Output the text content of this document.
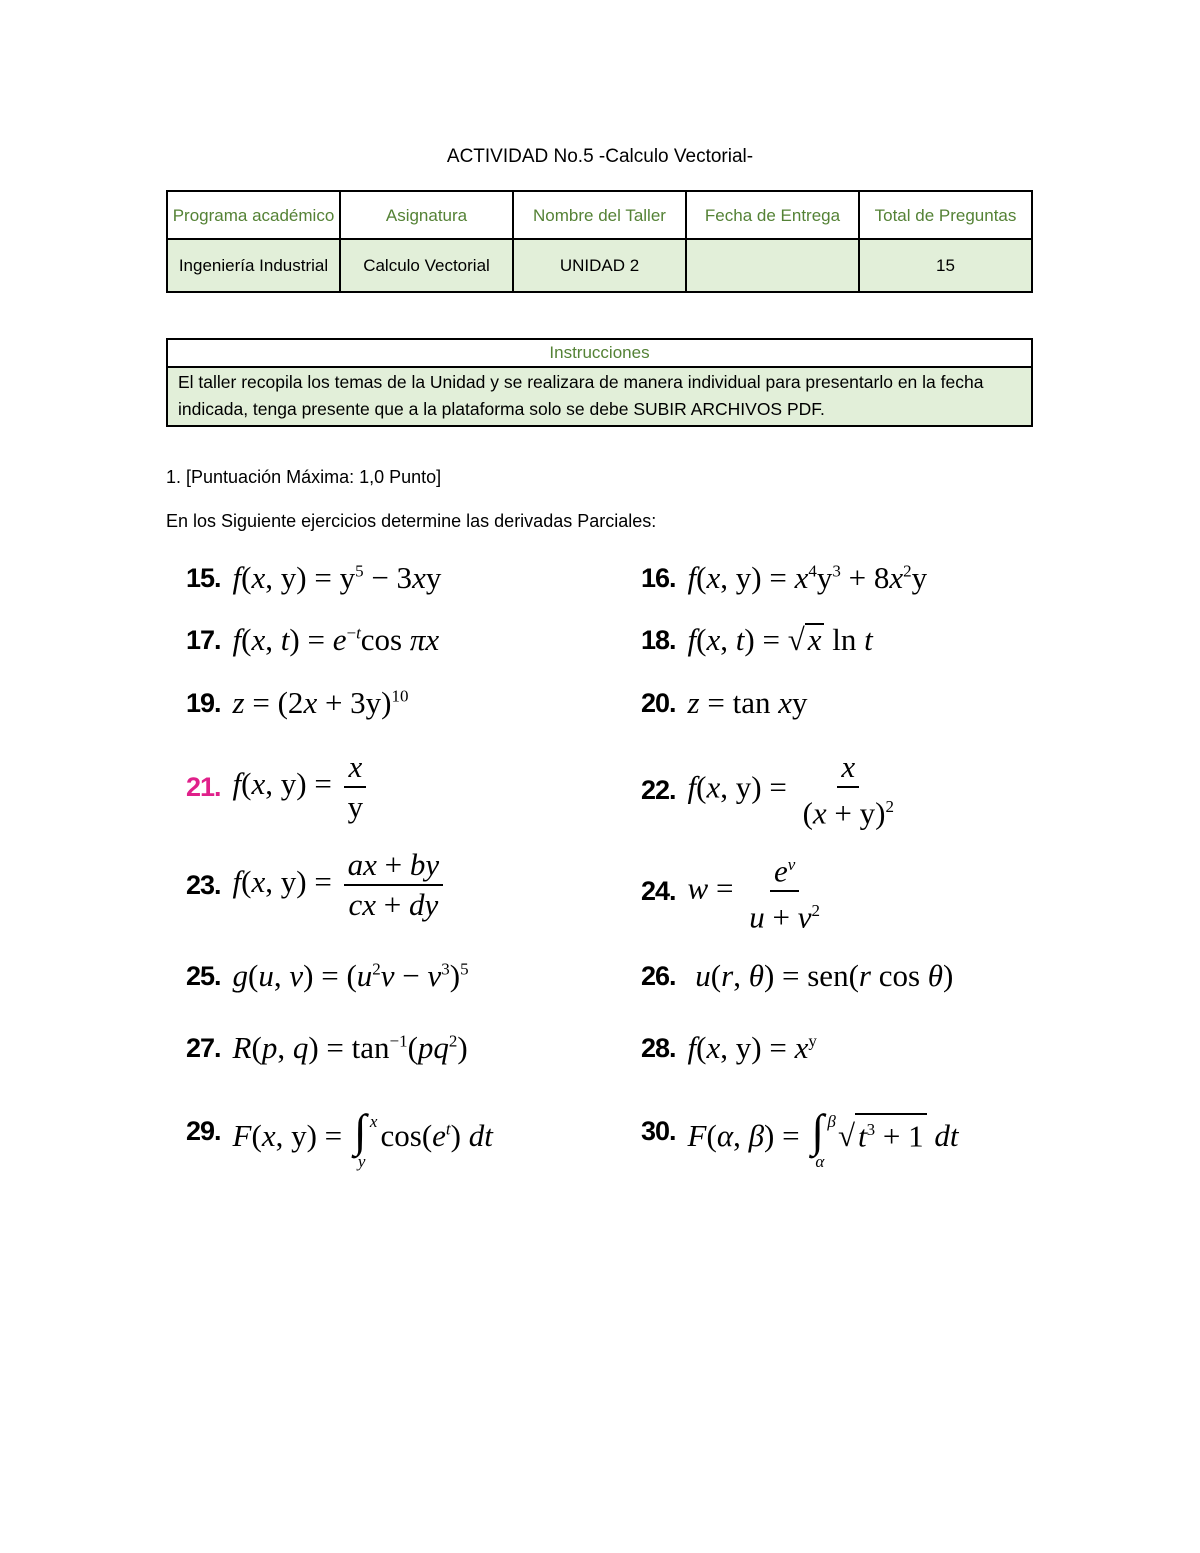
ACTIVIDAD No.5 -Calculo Vectorial-
Programa académico	Asignatura	Nombre del Taller	Fecha de Entrega	Total de Preguntas
Ingeniería Industrial	Calculo Vectorial	UNIDAD 2		15
Instrucciones
El taller recopila los temas de la Unidad y se realizara de manera individual para presentarlo en la fecha indicada, tenga presente que a la plataforma solo se debe SUBIR ARCHIVOS PDF.
1. [Puntuación Máxima: 1,0 Punto]
En los Siguiente ejercicios determine las derivadas Parciales:
15. f(x, $y) = y^5 - 3xy$
17. f(x, $t) = e^{-t}\cos$ πx
19. $z = (2x + 3y)^{10}$
21. f(x, $y) = \frac{x}{y}$
23. f(x, $y) = \frac{ax + by}{cx + dy}$
25. g(u, $v) = (u^2v - v^3)^5$
27. R(p, $q) = \tan^{-1}(pq^2)$
29. F(x, y) = ∫ x
y
$\cos(e^t)$ dt
16. f(x, $y) = x^4y^3 + 8x^2y$
18. f(x, t) = √x ln t
20. z = tan xy
22. f(x, $y) = \frac{x}{(x + y)^2}$
24. $w = \frac{e^v}{u + v^2}$
26. u(r, θ) = sen(r cos θ)
28. f(x, $y) = x^y$
30. F(α, β) = ∫ β
α
$√t^3 + 1$ dt
